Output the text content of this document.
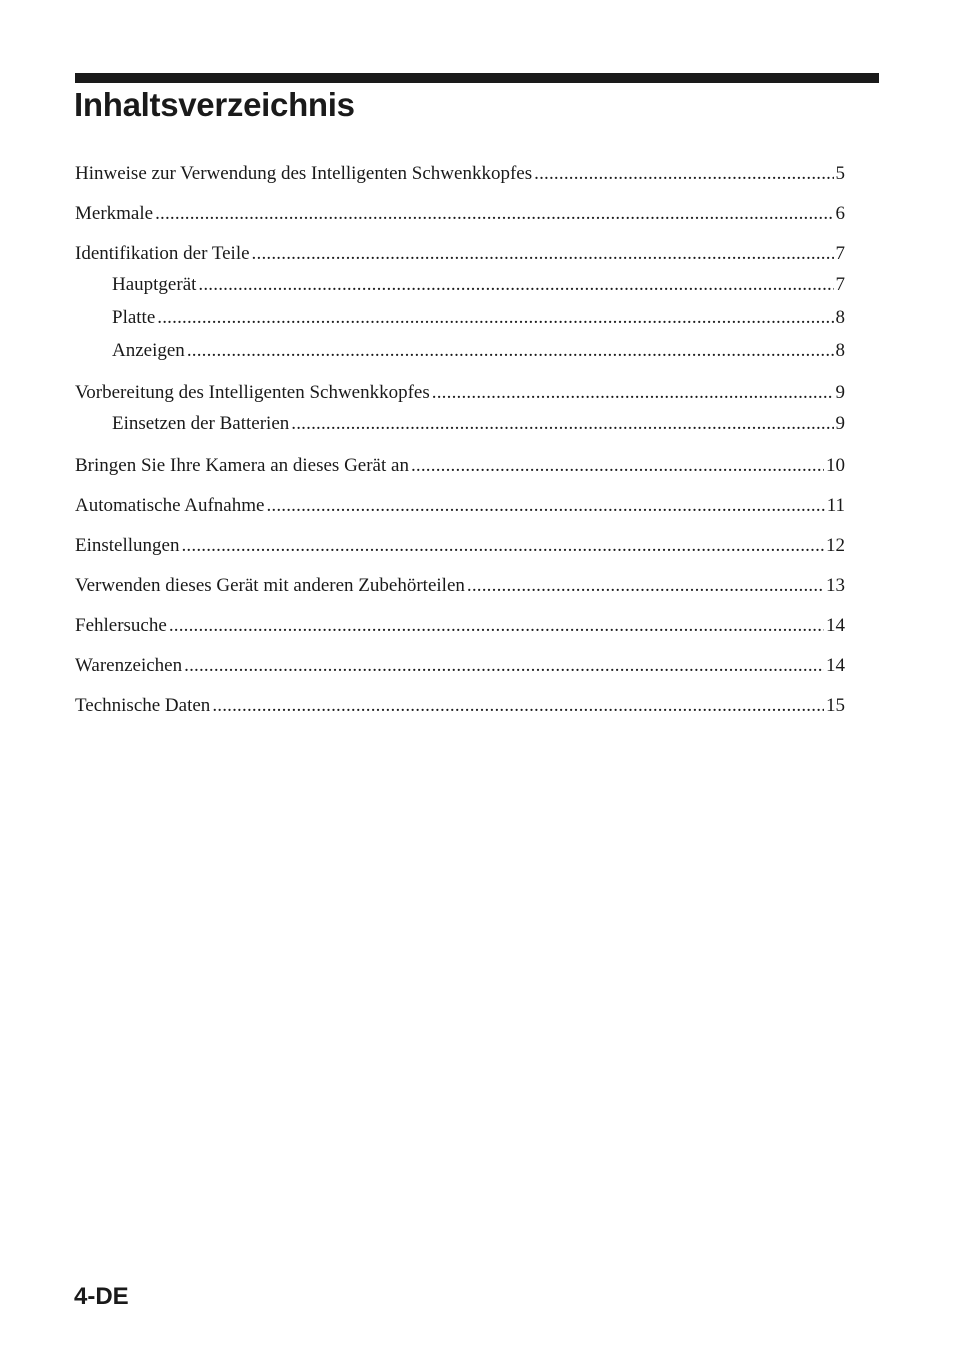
Inhaltsverzeichnis
Hinweise zur Verwendung des Intelligenten Schwenkkopfes .....	5
Merkmale .....	6
Identifikation der Teile .....	7
Hauptgerät .....	7
Platte .....	8
Anzeigen .....	8
Vorbereitung des Intelligenten Schwenkkopfes .....	9
Einsetzen der Batterien .....	9
Bringen Sie Ihre Kamera an dieses Gerät an .....	10
Automatische Aufnahme .....	11
Einstellungen .....	12
Verwenden dieses Gerät mit anderen Zubehörteilen .....	13
Fehlersuche .....	14
Warenzeichen .....	14
Technische Daten .....	15
4-DE
